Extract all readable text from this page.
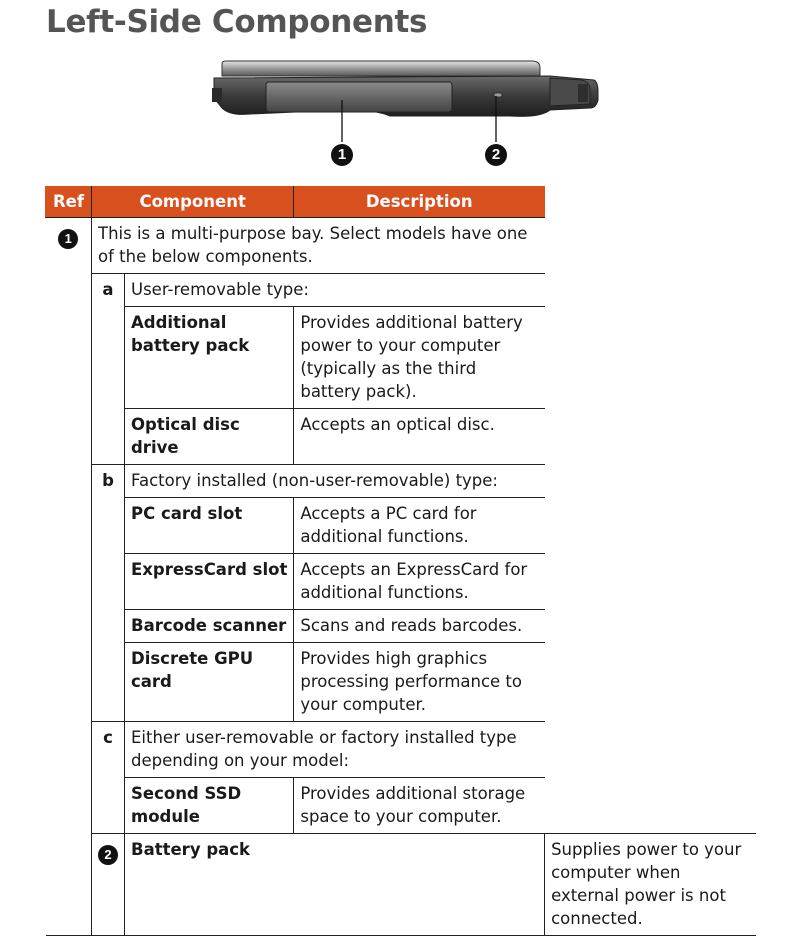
Left-Side Components
1	2
Ref	Component		Description	
1	This is a multi-purpose bay. Select models have one of the below components.			
	a	User-removable type:		
		Additional battery pack	Provides additional battery power to your computer (typically as the third battery pack).	
		Optical disc drive	Accepts an optical disc.	
	b	Factory installed (non-user-removable) type:		
		PC card slot	Accepts a PC card for additional functions.	
		ExpressCard slot	Accepts an ExpressCard for additional functions.	
		Barcode scanner	Scans and reads barcodes.	
		Discrete GPU card	Provides high graphics processing performance to your computer.	
	c	Either user-removable or factory installed type depending on your model:		
		Second SSD module	Provides additional storage space to your computer.	
	2	Battery pack		Supplies power to your computer when external power is not connected.
